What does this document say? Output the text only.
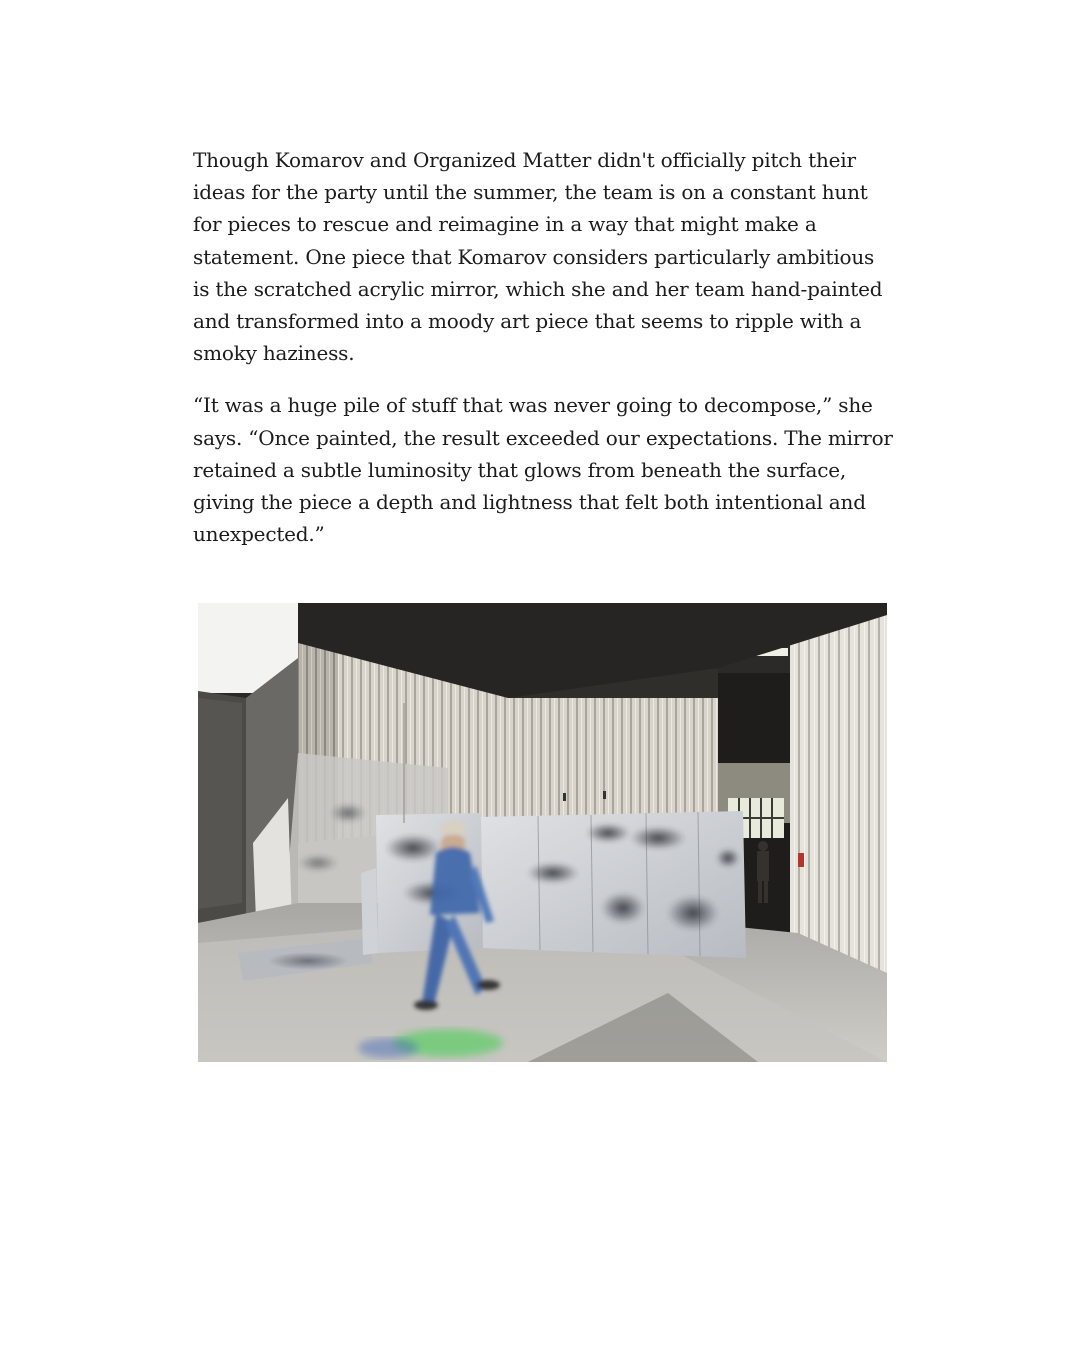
Though Komarov and Organized Matter didn't officially pitch their ideas for the party until the summer, the team is on a constant hunt for pieces to rescue and reimagine in a way that might make a statement. One piece that Komarov considers particularly ambitious is the scratched acrylic mirror, which she and her team hand-painted and transformed into a moody art piece that seems to ripple with a smoky haziness.

“It was a huge pile of stuff that was never going to decompose,” she says. “Once painted, the result exceeded our expectations. The mirror retained a subtle luminosity that glows from beneath the surface, giving the piece a depth and lightness that felt both intentional and unexpected.”
